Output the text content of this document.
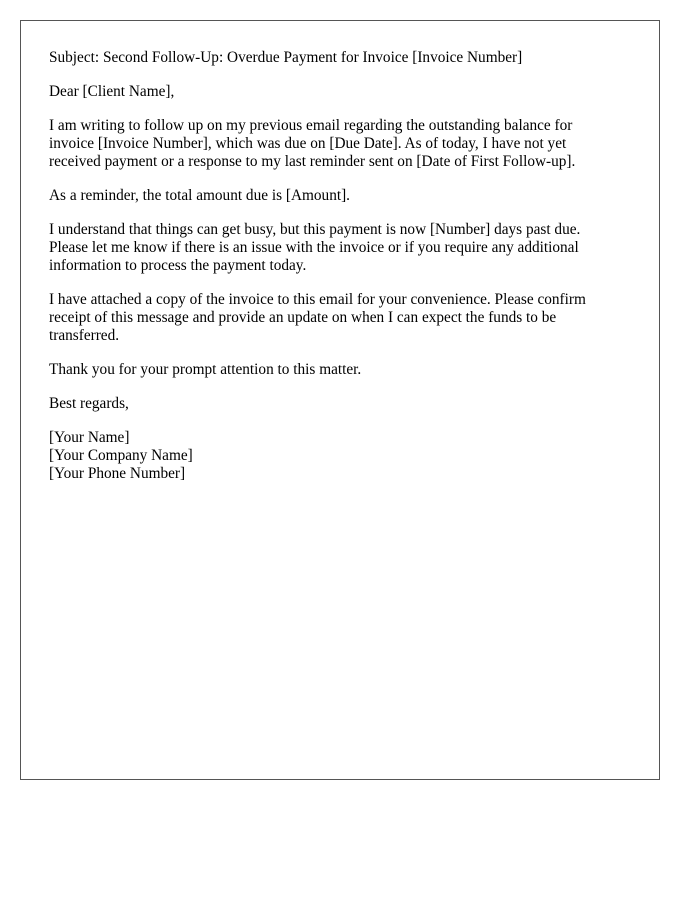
Subject: Second Follow-Up: Overdue Payment for Invoice [Invoice Number]

Dear [Client Name],

I am writing to follow up on my previous email regarding the outstanding balance for invoice [Invoice Number], which was due on [Due Date]. As of today, I have not yet received payment or a response to my last reminder sent on [Date of First Follow-up].

As a reminder, the total amount due is [Amount].

I understand that things can get busy, but this payment is now [Number] days past due. Please let me know if there is an issue with the invoice or if you require any additional information to process the payment today.

I have attached a copy of the invoice to this email for your convenience. Please confirm receipt of this message and provide an update on when I can expect the funds to be transferred.

Thank you for your prompt attention to this matter.

Best regards,

[Your Name]
[Your Company Name]
[Your Phone Number]
